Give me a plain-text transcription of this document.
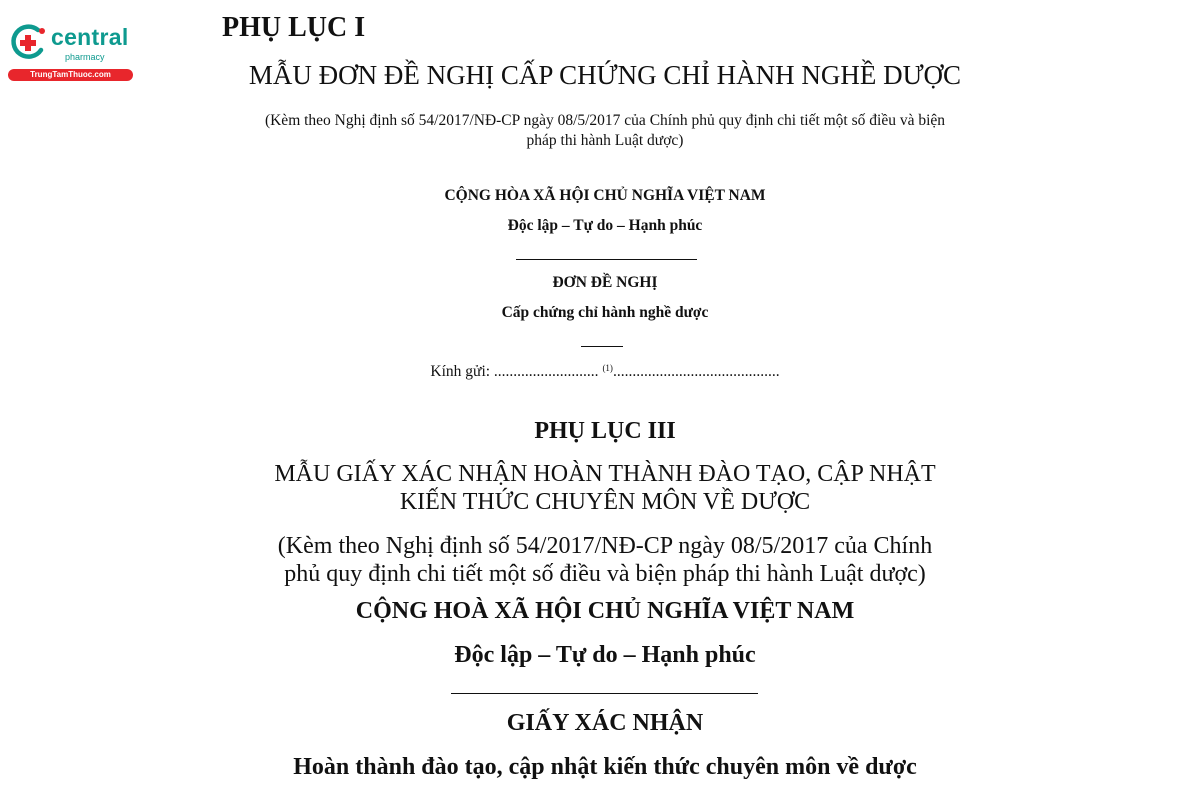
central
pharmacy
TrungTamThuoc.com
PHỤ LỤC I

MẪU ĐƠN ĐỀ NGHỊ CẤP CHỨNG CHỈ HÀNH NGHỀ DƯỢC

(Kèm theo Nghị định số 54/2017/NĐ-CP ngày 08/5/2017 của Chính phủ quy định chi tiết một số điều và biện
pháp thi hành Luật dược)

CỘNG HÒA XÃ HỘI CHỦ NGHĨA VIỆT NAM

Độc lập – Tự do – Hạnh phúc

ĐƠN ĐỀ NGHỊ

Cấp chứng chỉ hành nghề dược

Kính gửi: ........................... $^{(1)}$...........................................

PHỤ LỤC III

MẪU GIẤY XÁC NHẬN HOÀN THÀNH ĐÀO TẠO, CẬP NHẬT
KIẾN THỨC CHUYÊN MÔN VỀ DƯỢC
(Kèm theo Nghị định số 54/2017/NĐ-CP ngày 08/5/2017 của Chính
phủ quy định chi tiết một số điều và biện pháp thi hành Luật dược)

CỘNG HOÀ XÃ HỘI CHỦ NGHĨA VIỆT NAM

Độc lập – Tự do – Hạnh phúc

GIẤY XÁC NHẬN

Hoàn thành đào tạo, cập nhật kiến thức chuyên môn về dược
